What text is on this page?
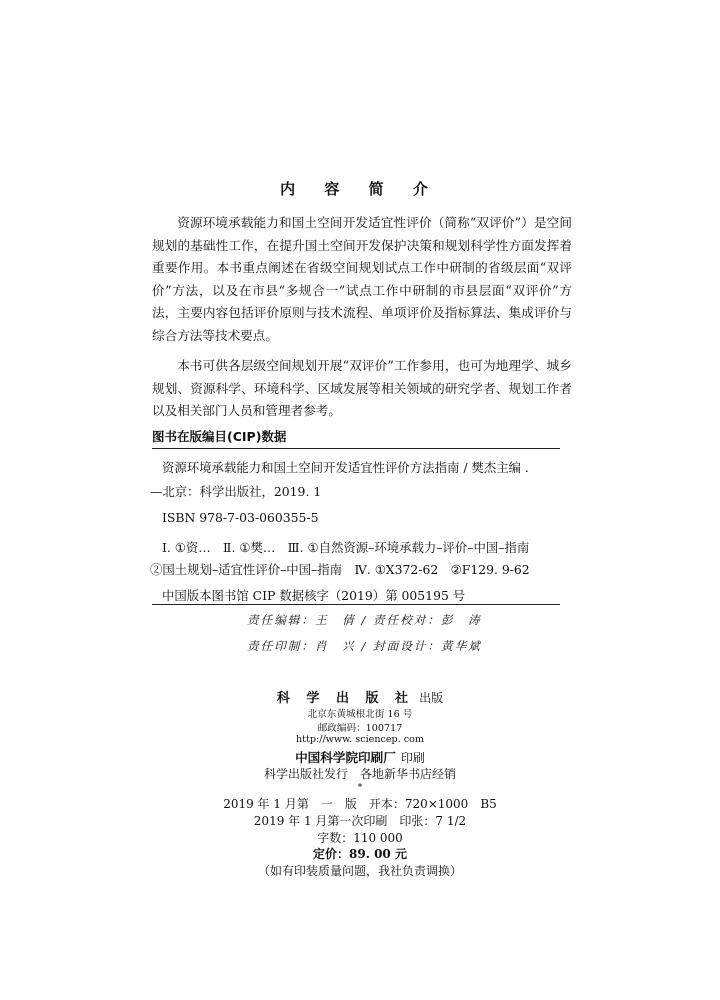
内 容 简 介

资源环境承载能力和国土空间开发适宜性评价（简称“双评价”）是空间规划的基础性工作，在提升国土空间开发保护决策和规划科学性方面发挥着重要作用。本书重点阐述在省级空间规划试点工作中研制的省级层面“双评价”方法，以及在市县“多规合一”试点工作中研制的市县层面“双评价”方法，主要内容包括评价原则与技术流程、单项评价及指标算法、集成评价与综合方法等技术要点。

本书可供各层级空间规划开展“双评价”工作参用，也可为地理学、城乡规划、资源科学、环境科学、区域发展等相关领域的研究学者、规划工作者以及相关部门人员和管理者参考。

图书在版编目(CIP)数据
资源环境承载能力和国土空间开发适宜性评价方法指南 / 樊杰主编 .
—北京：科学出版社，2019. 1
ISBN 978-7-03-060355-5
Ⅰ. ①资…　Ⅱ. ①樊…　Ⅲ. ①自然资源–环境承载力–评价–中国–指南
②国土规划–适宜性评价–中国–指南　Ⅳ. ①X372-62　②F129. 9-62
中国版本图书馆 CIP 数据核字（2019）第 005195 号
责任编辑：王　倩 / 责任校对：彭　涛
责任印制：肖　兴 / 封面设计：黄华斌
科 学 出 版 社 出版
北京东黄城根北街 16 号
邮政编码：100717
http://www. sciencep. com
中国科学院印刷厂 印刷
科学出版社发行　各地新华书店经销
*
2019 年 1 月第　一　版　开本：720×1000　B5
2019 年 1 月第一次印刷　印张：7 1/2
字数：110 000
定价：89. 00 元
（如有印装质量问题，我社负责调换）
